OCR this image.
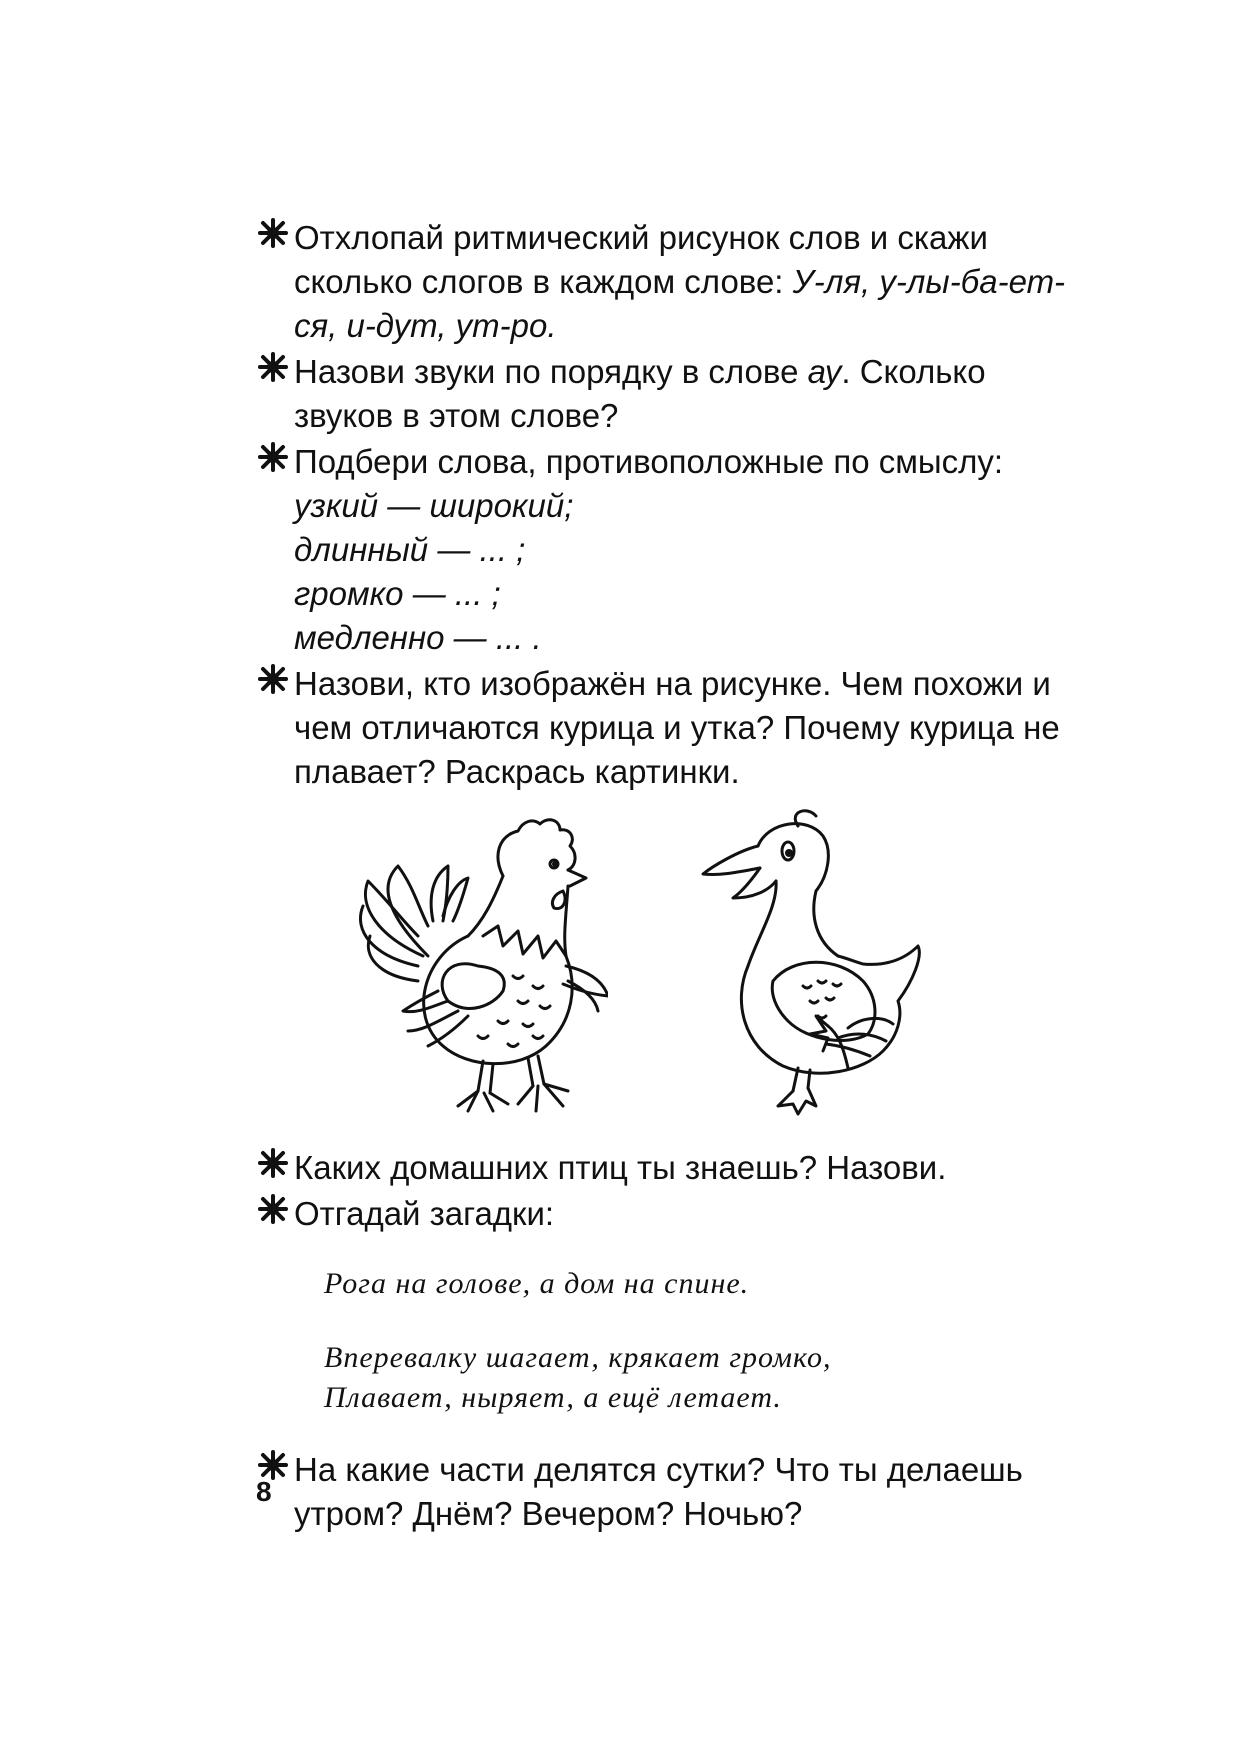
Отхлопай ритмический рисунок слов и скажи сколько слогов в каждом слове: У-ля, у-лы-ба-ет-ся, и-дут, ут-ро.
Назови звуки по порядку в слове ау. Сколько звуков в этом слове?
Подбери слова, противоположные по смыслу:
узкий — широкий;
длинный — ... ;
громко — ... ;
медленно — ... .
Назови, кто изображён на рисунке. Чем похожи и чем отличаются курица и утка? Почему курица не плавает? Раскрась картинки.
Каких домашних птиц ты знаешь? Назови.
Отгадай загадки:
Рога на голове, а дом на спине.
Вперевалку шагает, крякает громко,
Плавает, ныряет, а ещё летает.
На какие части делятся сутки? Что ты делаешь утром? Днём? Вечером? Ночью?
8
